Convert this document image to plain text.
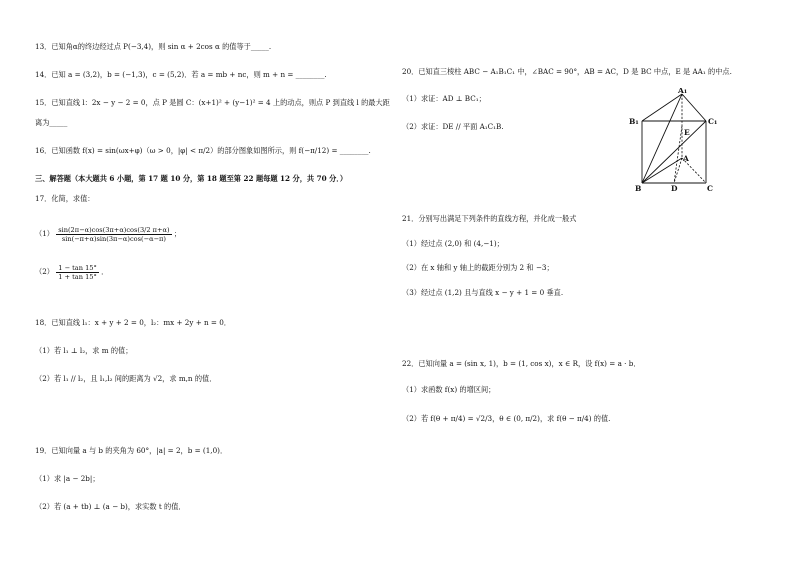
13．已知角α的终边经过点 P(−3,4)，则 sin α + 2cos α 的值等于_____.
14．已知 a = (3,2)，b = (−1,3)，c = (5,2)．若 a = mb + nc，则 m + n = ________.
15．已知直线 l：2x − y − 2 = 0，点 P 是圆 C：(x+1)² + (y−1)² = 4 上的动点，则点 P 到直线 l 的最大距
离为_____
16．已知函数 f(x) = sin(ωx+φ)（ω > 0，|φ| < π/2）的部分图象如图所示，则 f(−π/12) = ________.
三、解答题（本大题共 6 小题，第 17 题 10 分，第 18 题至第 22 题每题 12 分，共 70 分．）
17．化简，求值：
$(1) \frac{\sin(2\pi-\alpha)\cos(3\pi+\alpha)\cos(3/2 \pi+\alpha)}{\sin(-\pi+\alpha)\sin(3\pi-\alpha)\cos(-\alpha-\pi)}$ ；
$(2) \frac{1 - \tan 15^\circ}{1 + \tan 15^\circ}$ ．
18．已知直线 l₁：x + y + 2 = 0，l₂：mx + 2y + n = 0．
（1）若 l₁ ⊥ l₂，求 m 的值；
（2）若 l₁ // l₂，且 l₁,l₂ 间的距离为 √2，求 m,n 的值．
19．已知向量 a 与 b 的夹角为 60°，|a| = 2，b = (1,0)．
（1）求 |a − 2b|；
（2）若 (a + tb) ⊥ (a − b)，求实数 t 的值．
20．已知直三棱柱 ABC − A₁B₁C₁ 中，∠BAC = 90°，AB = AC，D 是 BC 中点，E 是 AA₁ 的中点.
（1）求证：AD ⊥ BC₁；
（2）求证：DE // 平面 A₁C₁B.
A₁
B₁	C₁
E
A
B	D	C
21．分别写出满足下列条件的直线方程，并化成一般式
（1）经过点 (2,0) 和 (4,−1)；
（2）在 x 轴和 y 轴上的截距分别为 2 和 −3；
（3）经过点 (1,2) 且与直线 x − y + 1 = 0 垂直.
22．已知向量 a = (sin x, 1)，b = (1, cos x)，x ∈ R，设 f(x) = a · b．
（1）求函数 f(x) 的增区间；
（2）若 f(θ + π/4) = √2/3，θ ∈ (0, π/2)，求 f(θ − π/4) 的值.
